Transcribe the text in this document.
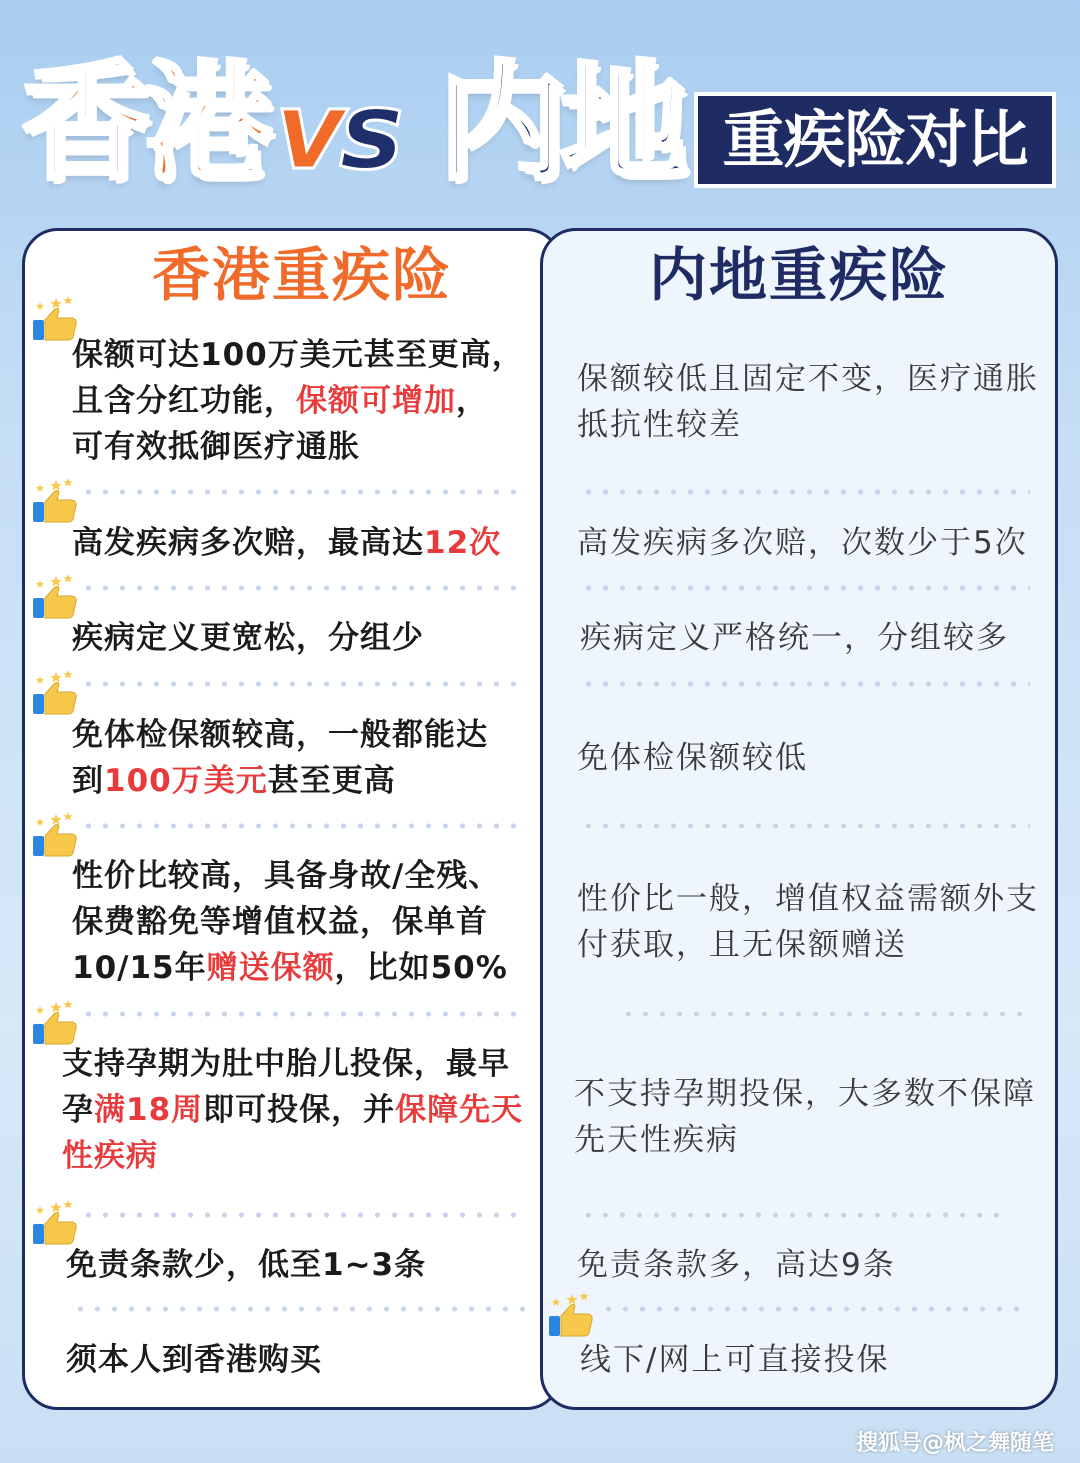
香港 vs 内地 重疾险对比
香港重疾险	内地重疾险
保额可达100万美元甚至更高，
且含分红功能，保额可增加，
可有效抵御医疗通胀
高发疾病多次赔，最高达12次
疾病定义更宽松，分组少
免体检保额较高，一般都能达
到100万美元甚至更高
性价比较高，具备身故/全残、
保费豁免等增值权益，保单首
10/15年赠送保额，比如50%
支持孕期为肚中胎儿投保，最早
孕满18周即可投保，并保障先天
性疾病
免责条款少，低至1~3条
须本人到香港购买
保额较低且固定不变，医疗通胀
抵抗性较差
高发疾病多次赔，次数少于5次
疾病定义严格统一，分组较多
免体检保额较低
性价比一般，增值权益需额外支
付获取，且无保额赠送
不支持孕期投保，大多数不保障
先天性疾病
免责条款多，高达9条
线下/网上可直接投保
搜狐号@枫之舞随笔
